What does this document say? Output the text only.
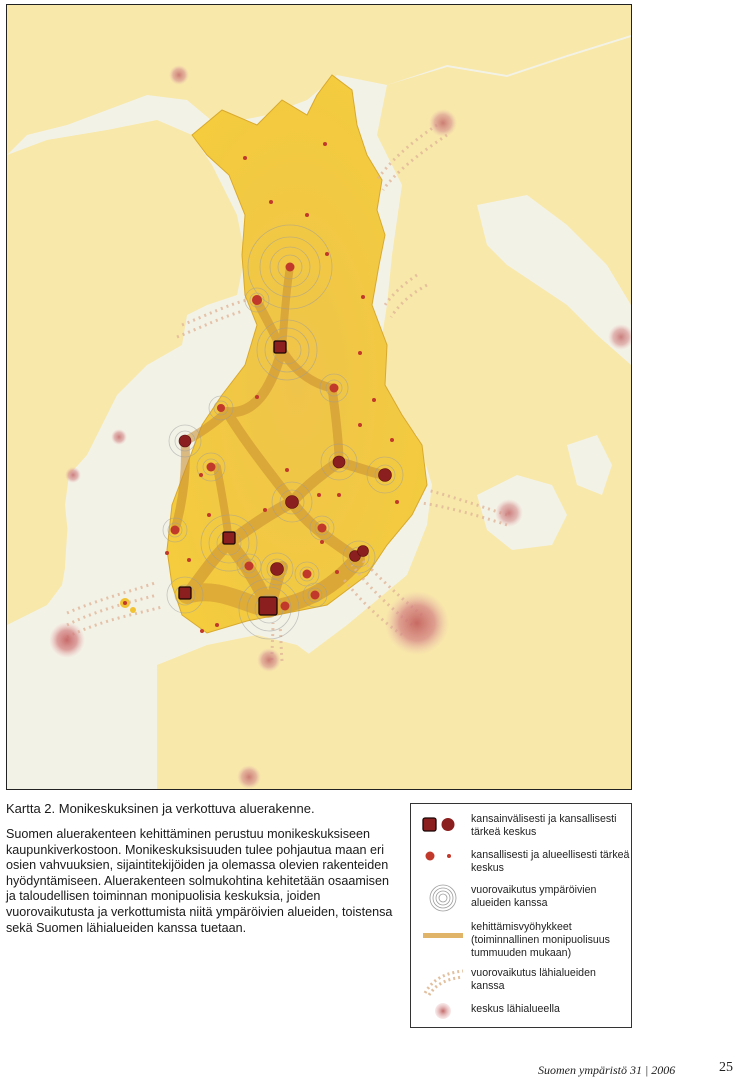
Kartta 2. Monikeskuksinen ja verkottuva aluerakenne.
Suomen aluerakenteen kehittäminen perustuu monikeskuksiseen kaupunkiverkostoon. Monikeskuksisuuden tulee pohjautua maan eri osien vahvuuksien, sijaintitekijöiden ja olemassa olevien rakenteiden hyödyntämiseen. Aluerakenteen solmukohtina kehitetään osaamisen ja taloudellisen toiminnan monipuolisia keskuksia, joiden vuorovaikutusta ja verkottumista niitä ympäröivien alueiden, toistensa sekä Suomen lähialueiden kanssa tuetaan.
kansainvälisesti ja kansallisesti tärkeä keskus
kansallisesti ja alueellisesti tärkeä keskus
vuorovaikutus ympäröivien alueiden kanssa
kehittämisvyöhykkeet (toiminnallinen monipuolisuus tummuuden mukaan)
vuorovaikutus lähialueiden kanssa
keskus lähialueella
Suomen ympäristö 31 | 2006	25
